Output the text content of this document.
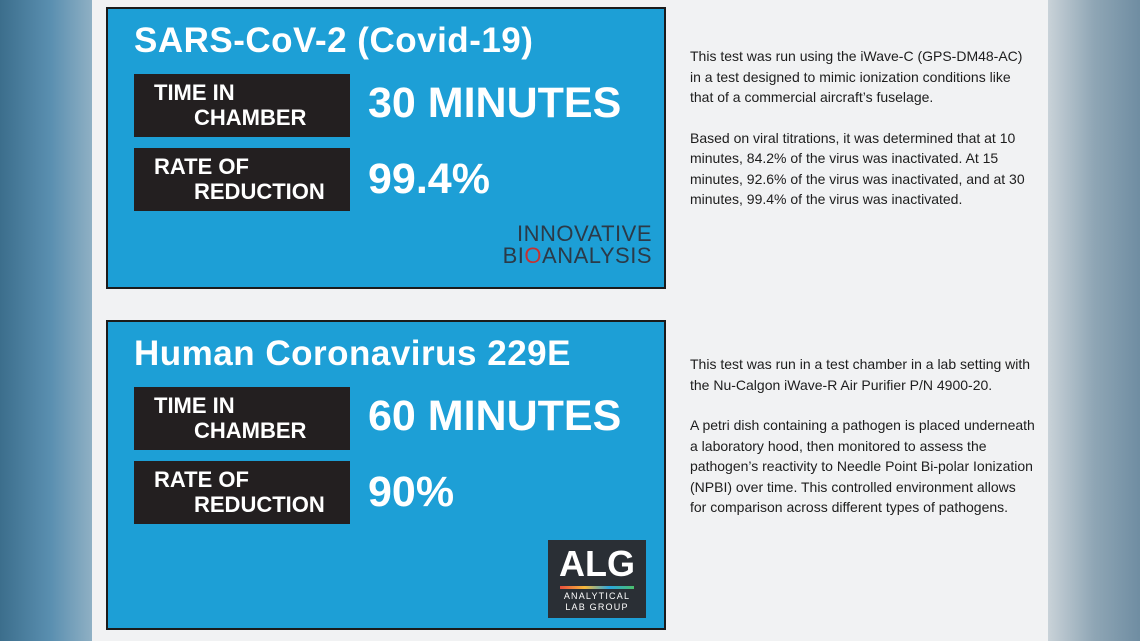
SARS-CoV-2 (Covid-19)
TIME IN
CHAMBER	30 MINUTES
RATE OF
REDUCTION	99.4%
INNOVATIVE
BIOANALYSIS
Human Coronavirus 229E
TIME IN
CHAMBER	60 MINUTES
RATE OF
REDUCTION	90%
ALG
ANALYTICAL
LAB GROUP

This test was run using the iWave-C (GPS-DM48-AC) in a test designed to mimic ionization conditions like that of a commercial aircraft’s fuselage.

Based on viral titrations, it was determined that at 10 minutes, 84.2% of the virus was inactivated. At 15 minutes, 92.6% of the virus was inactivated, and at 30 minutes, 99.4% of the virus was inactivated.

This test was run in a test chamber in a lab setting with the Nu-Calgon iWave-R Air Purifier P/N 4900-20.

A petri dish containing a pathogen is placed underneath a laboratory hood, then monitored to assess the pathogen’s reactivity to Needle Point Bi-polar Ionization (NPBI) over time. This controlled environment allows for comparison across different types of pathogens.
